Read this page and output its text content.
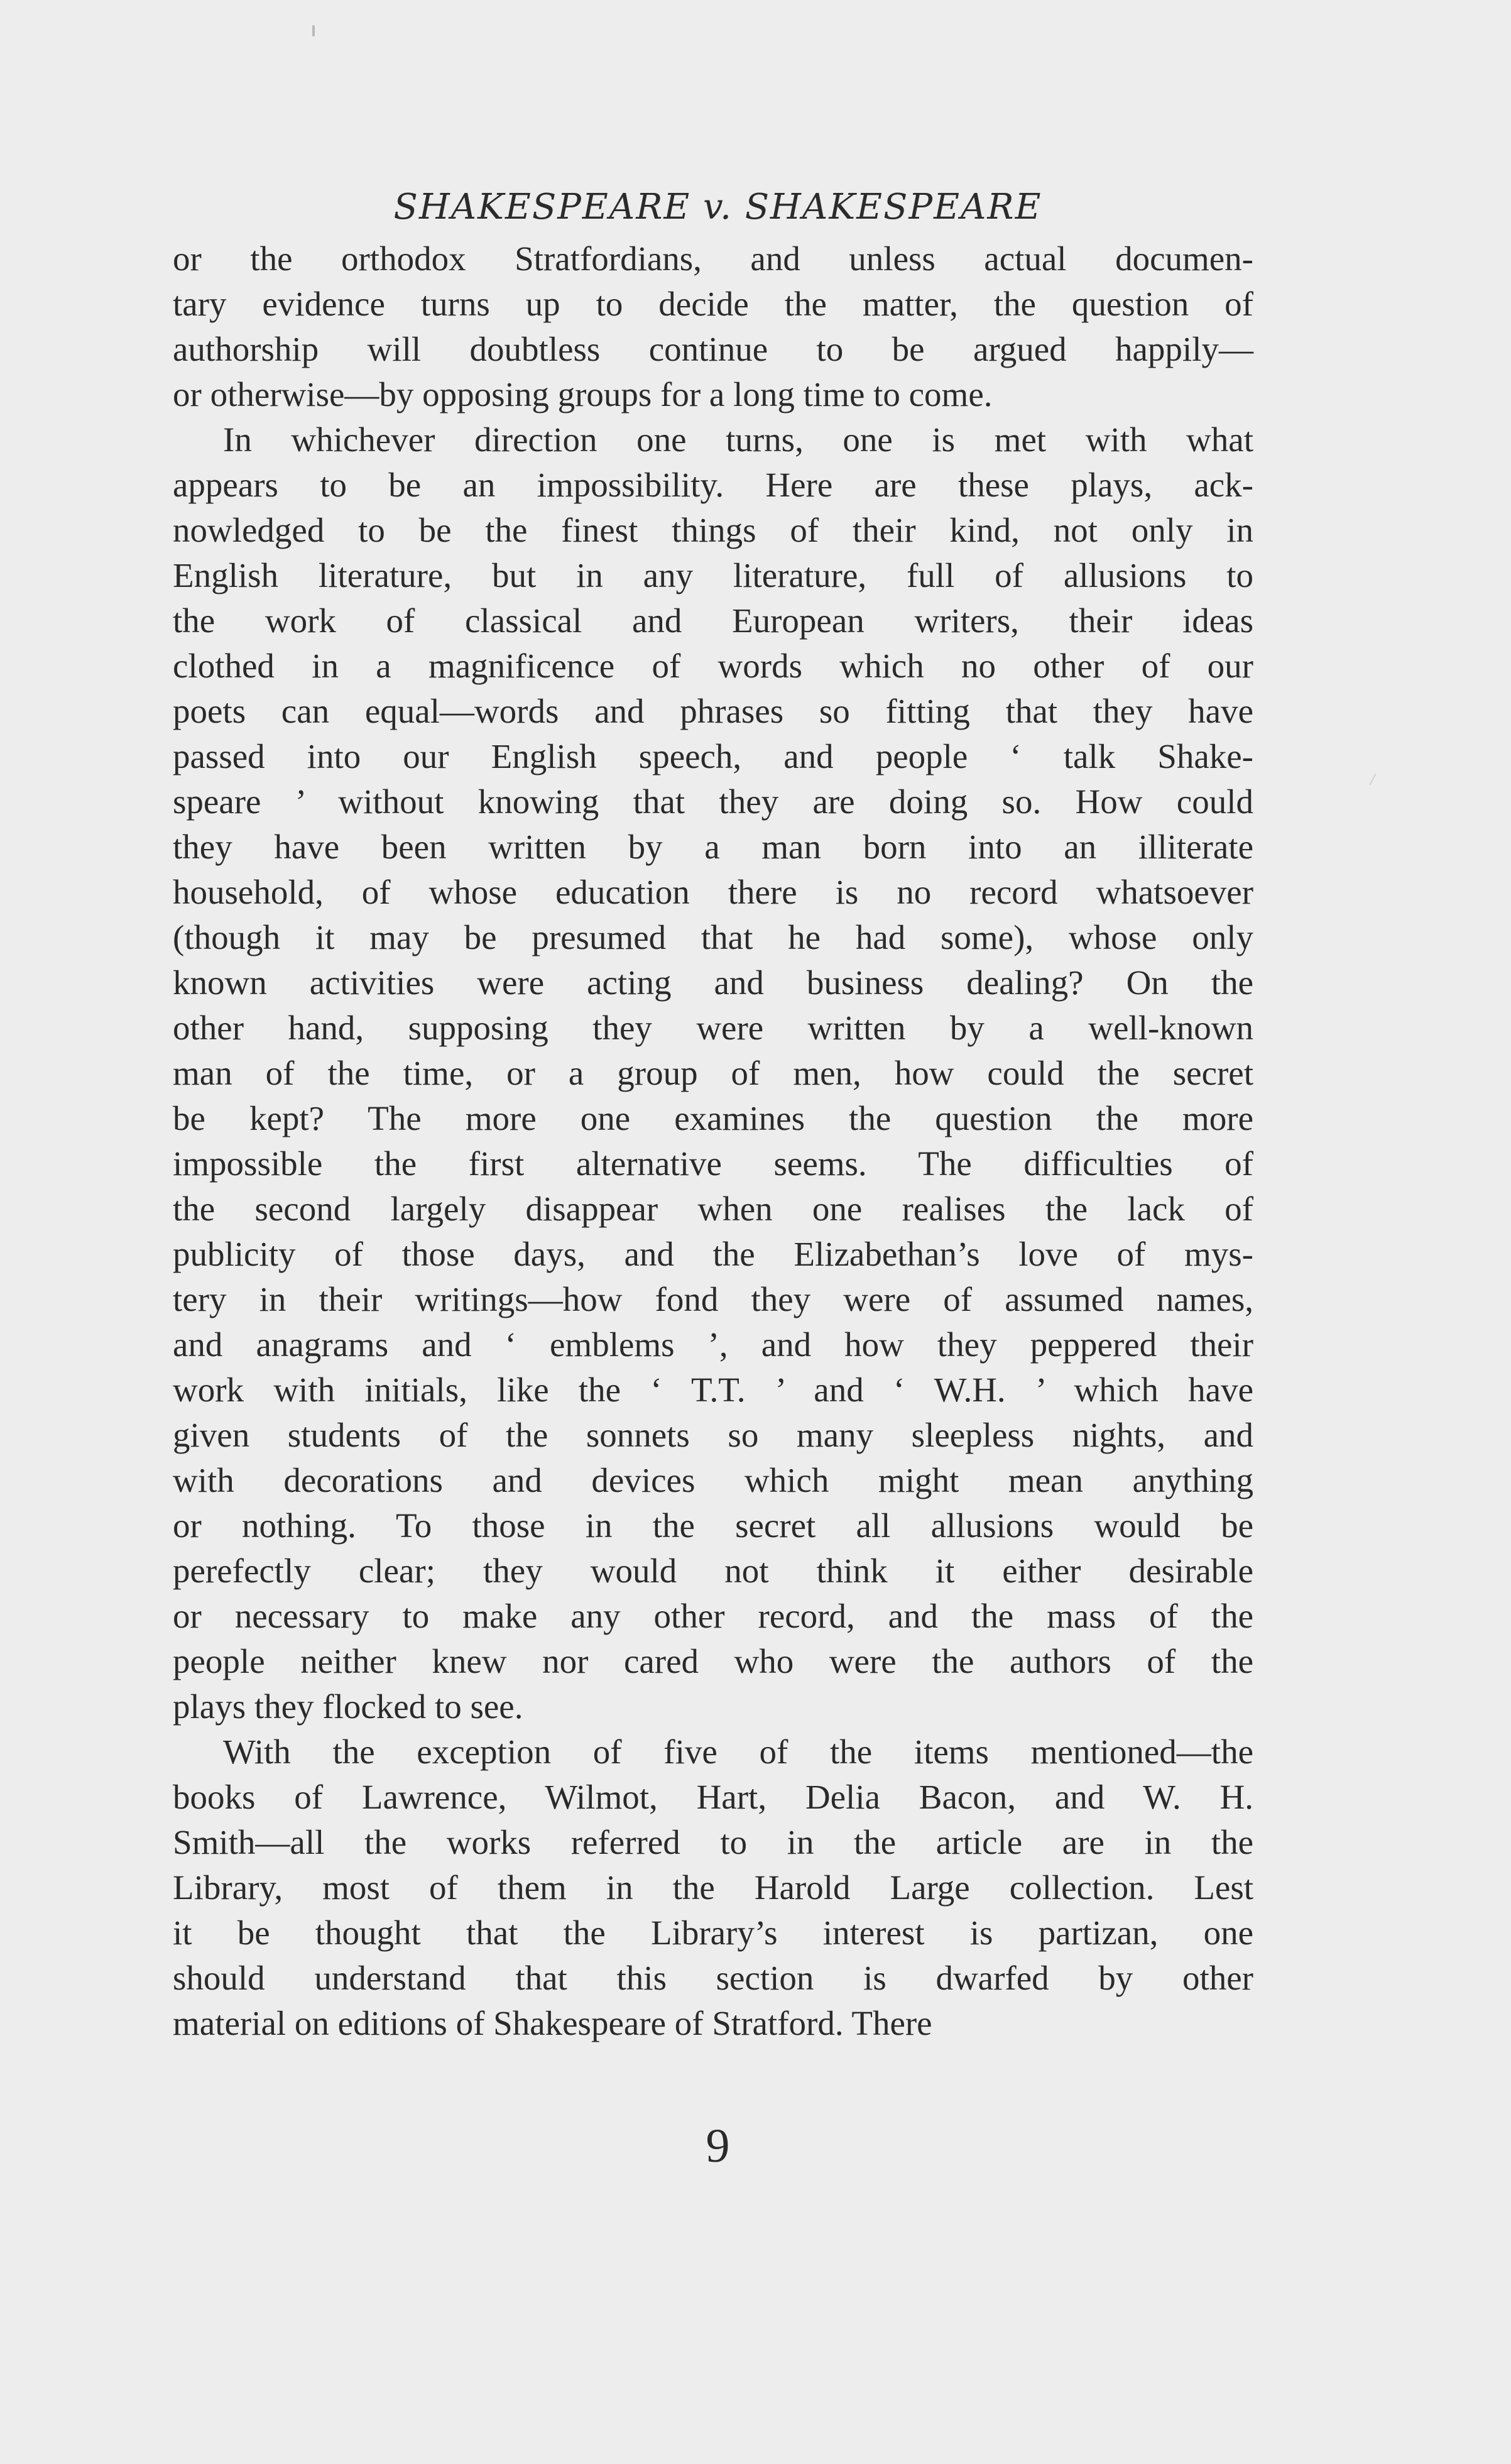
SHAKESPEARE v. SHAKESPEARE
or the orthodox Stratfordians, and unless actual documen-
tary evidence turns up to decide the matter, the question of
authorship will doubtless continue to be argued happily—
or otherwise—by opposing groups for a long time to come.
In whichever direction one turns, one is met with what
appears to be an impossibility. Here are these plays, ack-
nowledged to be the finest things of their kind, not only in
English literature, but in any literature, full of allusions to
the work of classical and European writers, their ideas
clothed in a magnificence of words which no other of our
poets can equal—words and phrases so fitting that they have
passed into our English speech, and people ‘ talk Shake-
speare ’ without knowing that they are doing so. How could
they have been written by a man born into an illiterate
household, of whose education there is no record whatsoever
(though it may be presumed that he had some), whose only
known activities were acting and business dealing? On the
other hand, supposing they were written by a well-known
man of the time, or a group of men, how could the secret
be kept? The more one examines the question the more
impossible the first alternative seems. The difficulties of
the second largely disappear when one realises the lack of
publicity of those days, and the Elizabethan’s love of mys-
tery in their writings—how fond they were of assumed names,
and anagrams and ‘ emblems ’, and how they peppered their
work with initials, like the ‘ T.T. ’ and ‘ W.H. ’ which have
given students of the sonnets so many sleepless nights, and
with decorations and devices which might mean anything
or nothing. To those in the secret all allusions would be
perefectly clear; they would not think it either desirable
or necessary to make any other record, and the mass of the
people neither knew nor cared who were the authors of the
plays they flocked to see.
With the exception of five of the items mentioned—the
books of Lawrence, Wilmot, Hart, Delia Bacon, and W. H.
Smith—all the works referred to in the article are in the
Library, most of them in the Harold Large collection. Lest
it be thought that the Library’s interest is partizan, one
should understand that this section is dwarfed by other
material on editions of Shakespeare of Stratford. There
9
